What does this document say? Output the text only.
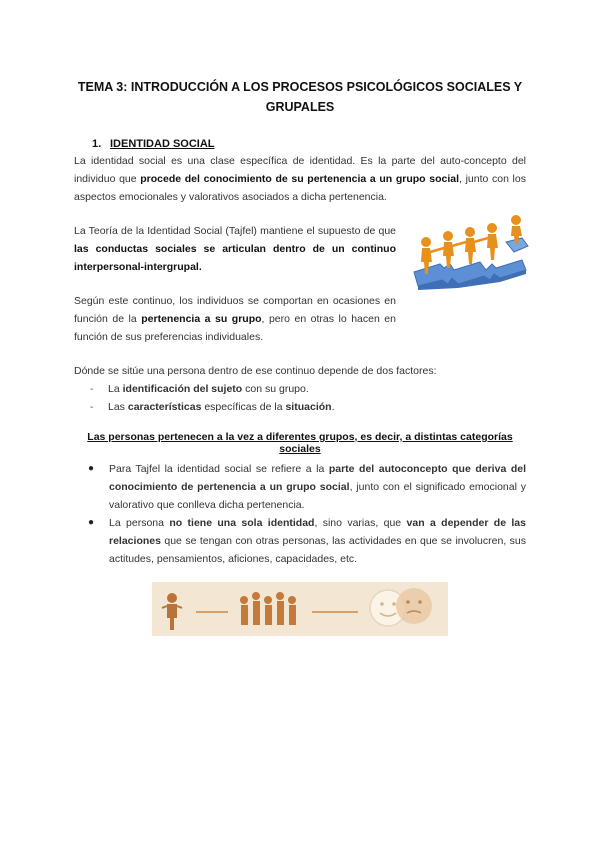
TEMA 3: INTRODUCCIÓN A LOS PROCESOS PSICOLÓGICOS SOCIALES Y GRUPALES
1. IDENTIDAD SOCIAL
La identidad social es una clase específica de identidad. Es la parte del auto-concepto del individuo que procede del conocimiento de su pertenencia a un grupo social, junto con los aspectos emocionales y valorativos asociados a dicha pertenencia.
La Teoría de la Identidad Social (Tajfel) mantiene el supuesto de que las conductas sociales se articulan dentro de un continuo interpersonal-intergrupal.
Según este continuo, los individuos se comportan en ocasiones en función de la pertenencia a su grupo, pero en otras lo hacen en función de sus preferencias individuales.
Dónde se sitúe una persona dentro de ese continuo depende de dos factores:
- La identificación del sujeto con su grupo.
- Las características específicas de la situación.
Las personas pertenecen a la vez a diferentes grupos, es decir, a distintas categorías sociales
● Para Tajfel la identidad social se refiere a la parte del autoconcepto que deriva del conocimiento de pertenencia a un grupo social, junto con el significado emocional y valorativo que conlleva dicha pertenencia.
● La persona no tiene una sola identidad, sino varias, que van a depender de las relaciones que se tengan con otras personas, las actividades en que se involucren, sus actitudes, pensamientos, aficiones, capacidades, etc.
